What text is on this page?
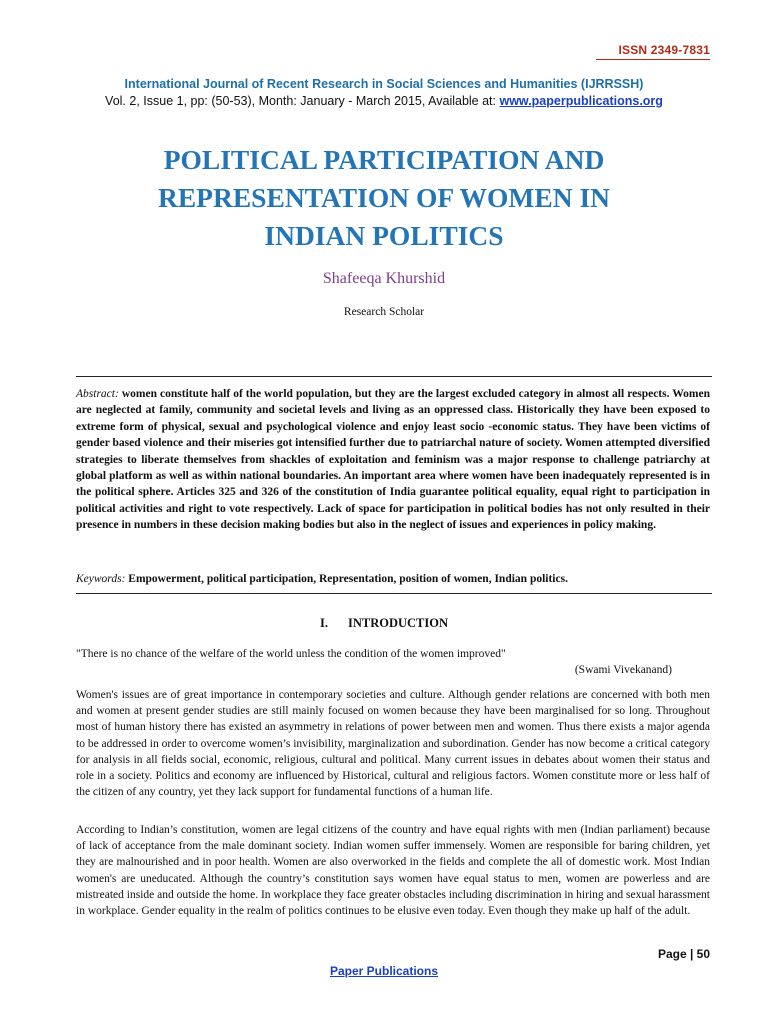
ISSN 2349-7831
International Journal of Recent Research in Social Sciences and Humanities (IJRRSSH)
Vol. 2, Issue 1, pp: (50-53), Month: January - March 2015, Available at: www.paperpublications.org
POLITICAL PARTICIPATION AND
REPRESENTATION OF WOMEN IN
INDIAN POLITICS
Shafeeqa Khurshid
Research Scholar
Abstract: women constitute half of the world population, but they are the largest excluded category in almost all respects. Women are neglected at family, community and societal levels and living as an oppressed class. Historically they have been exposed to extreme form of physical, sexual and psychological violence and enjoy least socio -economic status. They have been victims of gender based violence and their miseries got intensified further due to patriarchal nature of society. Women attempted diversified strategies to liberate themselves from shackles of exploitation and feminism was a major response to challenge patriarchy at global platform as well as within national boundaries. An important area where women have been inadequately represented is in the political sphere. Articles 325 and 326 of the constitution of India guarantee political equality, equal right to participation in political activities and right to vote respectively. Lack of space for participation in political bodies has not only resulted in their presence in numbers in these decision making bodies but also in the neglect of issues and experiences in policy making.
Keywords: Empowerment, political participation, Representation, position of women, Indian politics.
I. INTRODUCTION
"There is no chance of the welfare of the world unless the condition of the women improved"
(Swami Vivekanand)
Women's issues are of great importance in contemporary societies and culture. Although gender relations are concerned with both men and women at present gender studies are still mainly focused on women because they have been marginalised for so long. Throughout most of human history there has existed an asymmetry in relations of power between men and women. Thus there exists a major agenda to be addressed in order to overcome women’s invisibility, marginalization and subordination. Gender has now become a critical category for analysis in all fields social, economic, religious, cultural and political. Many current issues in debates about women their status and role in a society. Politics and economy are influenced by Historical, cultural and religious factors. Women constitute more or less half of the citizen of any country, yet they lack support for fundamental functions of a human life.
According to Indian’s constitution, women are legal citizens of the country and have equal rights with men (Indian parliament) because of lack of acceptance from the male dominant society. Indian women suffer immensely. Women are responsible for baring children, yet they are malnourished and in poor health. Women are also overworked in the fields and complete the all of domestic work. Most Indian women's are uneducated. Although the country’s constitution says women have equal status to men, women are powerless and are mistreated inside and outside the home. In workplace they face greater obstacles including discrimination in hiring and sexual harassment in workplace. Gender equality in the realm of politics continues to be elusive even today. Even though they make up half of the adult.
Page | 50
Paper Publications
